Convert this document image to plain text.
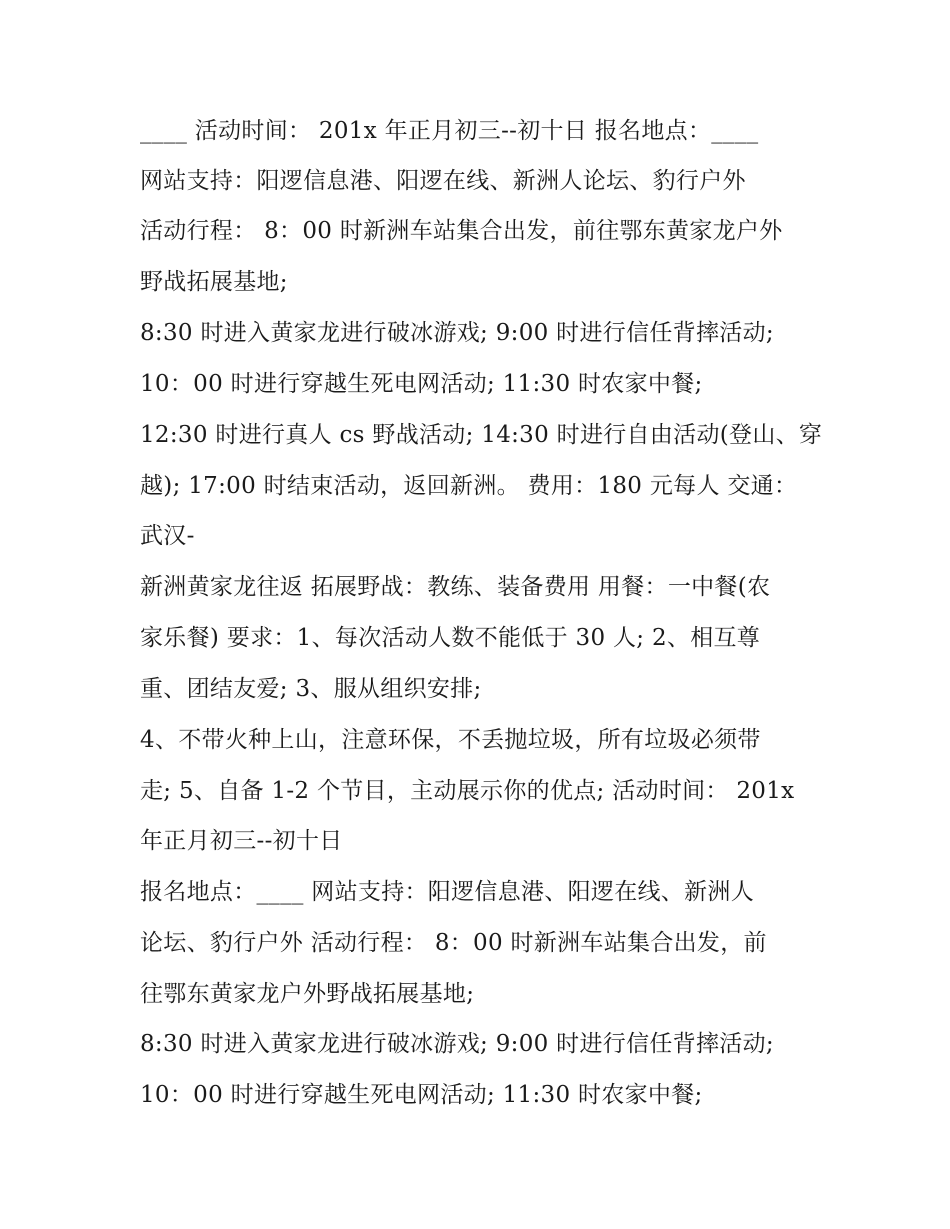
____ 活动时间： 201x 年正月初三--初十日 报名地点：____
网站支持：阳逻信息港、阳逻在线、新洲人论坛、豹行户外
活动行程： 8：00 时新洲车站集合出发，前往鄂东黄家龙户外
野战拓展基地;
8:30 时进入黄家龙进行破冰游戏; 9:00 时进行信任背摔活动;
10：00 时进行穿越生死电网活动; 11:30 时农家中餐;
12:30 时进行真人 cs 野战活动; 14:30 时进行自由活动(登山、穿
越); 17:00 时结束活动，返回新洲。 费用：180 元每人 交通：
武汉-
新洲黄家龙往返 拓展野战：教练、装备费用 用餐：一中餐(农
家乐餐) 要求：1、每次活动人数不能低于 30 人; 2、相互尊
重、团结友爱; 3、服从组织安排;
4、不带火种上山，注意环保，不丢抛垃圾，所有垃圾必须带
走; 5、自备 1-2 个节目，主动展示你的优点; 活动时间： 201x
年正月初三--初十日
报名地点：____ 网站支持：阳逻信息港、阳逻在线、新洲人
论坛、豹行户外 活动行程： 8：00 时新洲车站集合出发，前
往鄂东黄家龙户外野战拓展基地;
8:30 时进入黄家龙进行破冰游戏; 9:00 时进行信任背摔活动;
10：00 时进行穿越生死电网活动; 11:30 时农家中餐;
